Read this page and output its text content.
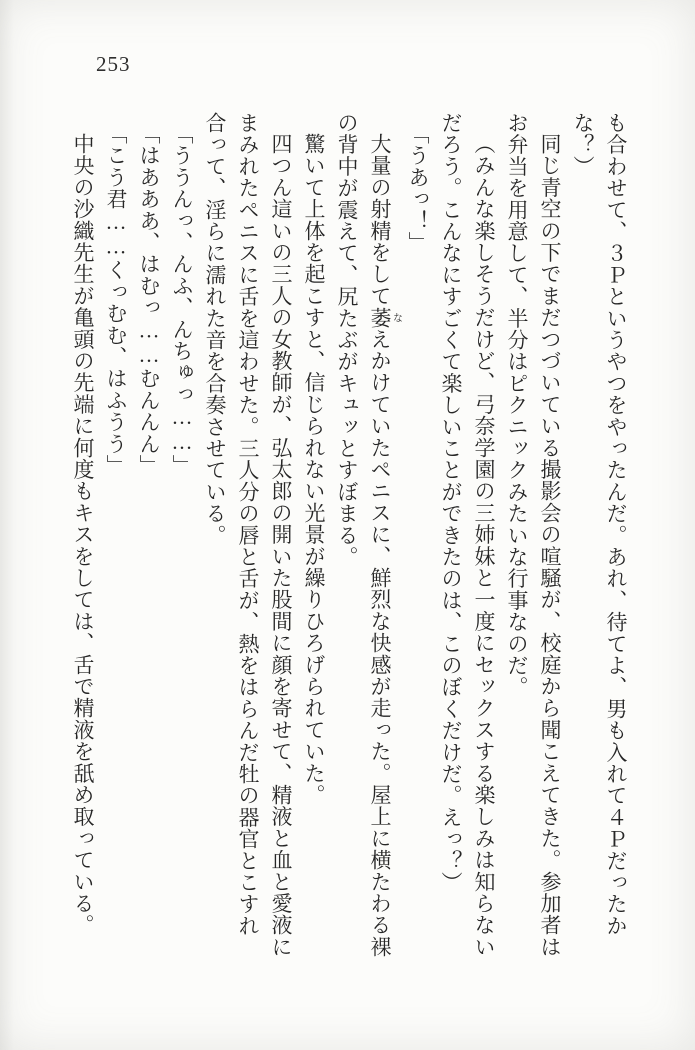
253

も合わせて、３Ｐというやつをやったんだ。あれ、待てよ、男も入れて４Ｐだったかな？）

同じ青空の下でまだつづいている撮影会の喧騒が、校庭から聞こえてきた。参加者はお弁当を用意して、半分はピクニックみたいな行事なのだ。

（みんな楽しそうだけど、弓奈学園の三姉妹と一度にセックスする楽しみは知らないだろう。こんなにすごくて楽しいことができたのは、このぼくだけだ。えっ？）

「うあっ！」

大量の射精をして萎なえかけていたペニスに、鮮烈な快感が走った。屋上に横たわる裸の背中が震えて、尻たぶがキュッとすぼまる。

驚いて上体を起こすと、信じられない光景が繰りひろげられていた。

四つん這いの三人の女教師が、弘太郎の開いた股間に顔を寄せて、精液と血と愛液にまみれたペニスに舌を這わせた。三人分の唇と舌が、熱をはらんだ牡の器官とこすれ合って、淫らに濡れた音を合奏させている。

「ううんっ、んふ、んちゅっ……」

「はあああ、はむっ……むんんん」

「こう君……くっむむ、はふうう」

中央の沙織先生が亀頭の先端に何度もキスをしては、舌で精液を舐め取っている。
